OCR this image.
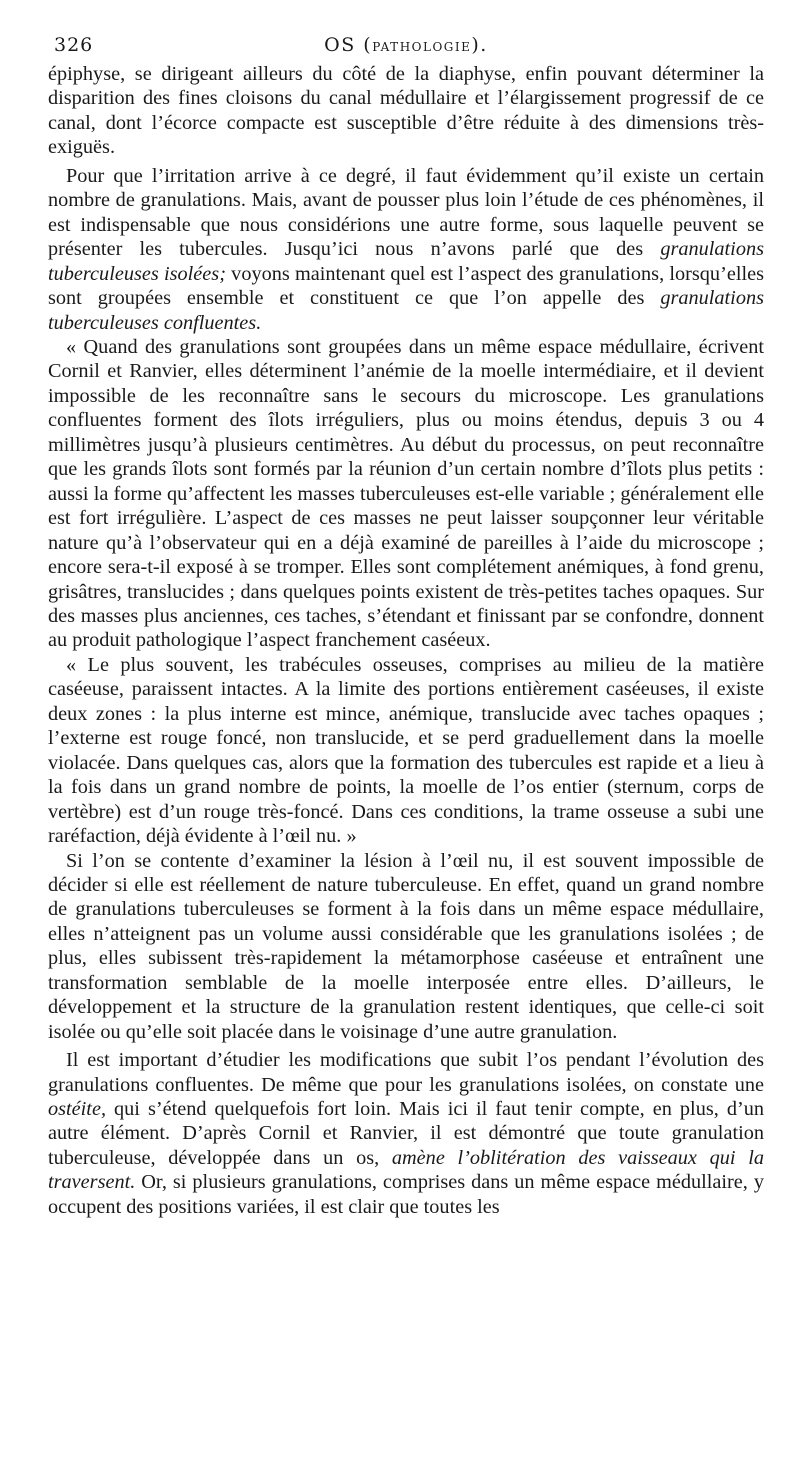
326	OS (PATHOLOGIE).

épiphyse, se dirigeant ailleurs du côté de la diaphyse, enfin pouvant déterminer la disparition des fines cloisons du canal médullaire et l’élargissement progressif de ce canal, dont l’écorce compacte est susceptible d’être réduite à des dimensions très-exiguës.

Pour que l’irritation arrive à ce degré, il faut évidemment qu’il existe un certain nombre de granulations. Mais, avant de pousser plus loin l’étude de ces phénomènes, il est indispensable que nous considérions une autre forme, sous laquelle peuvent se présenter les tubercules. Jusqu’ici nous n’avons parlé que des granulations tuberculeuses isolées; voyons maintenant quel est l’aspect des granulations, lorsqu’elles sont groupées ensemble et constituent ce que l’on appelle des granulations tuberculeuses confluentes.

« Quand des granulations sont groupées dans un même espace médullaire, écrivent Cornil et Ranvier, elles déterminent l’anémie de la moelle intermédiaire, et il devient impossible de les reconnaître sans le secours du microscope. Les granulations confluentes forment des îlots irréguliers, plus ou moins étendus, depuis 3 ou 4 millimètres jusqu’à plusieurs centimètres. Au début du processus, on peut reconnaître que les grands îlots sont formés par la réunion d’un certain nombre d’îlots plus petits : aussi la forme qu’affectent les masses tuberculeuses est-elle variable ; généralement elle est fort irrégulière. L’aspect de ces masses ne peut laisser soupçonner leur véritable nature qu’à l’observateur qui en a déjà examiné de pareilles à l’aide du microscope ; encore sera-t-il exposé à se tromper. Elles sont complétement anémiques, à fond grenu, grisâtres, translucides ; dans quelques points existent de très-petites taches opaques. Sur des masses plus anciennes, ces taches, s’étendant et finissant par se confondre, donnent au produit pathologique l’aspect franchement caséeux.

« Le plus souvent, les trabécules osseuses, comprises au milieu de la matière caséeuse, paraissent intactes. A la limite des portions entièrement caséeuses, il existe deux zones : la plus interne est mince, anémique, translucide avec taches opaques ; l’externe est rouge foncé, non translucide, et se perd graduellement dans la moelle violacée. Dans quelques cas, alors que la formation des tubercules est rapide et a lieu à la fois dans un grand nombre de points, la moelle de l’os entier (sternum, corps de vertèbre) est d’un rouge très-foncé. Dans ces conditions, la trame osseuse a subi une raréfaction, déjà évidente à l’œil nu. »

Si l’on se contente d’examiner la lésion à l’œil nu, il est souvent impossible de décider si elle est réellement de nature tuberculeuse. En effet, quand un grand nombre de granulations tuberculeuses se forment à la fois dans un même espace médullaire, elles n’atteignent pas un volume aussi considérable que les granulations isolées ; de plus, elles subissent très-rapidement la métamorphose caséeuse et entraînent une transformation semblable de la moelle interposée entre elles. D’ailleurs, le développement et la structure de la granulation restent identiques, que celle-ci soit isolée ou qu’elle soit placée dans le voisinage d’une autre granulation.

Il est important d’étudier les modifications que subit l’os pendant l’évolution des granulations confluentes. De même que pour les granulations isolées, on constate une ostéite, qui s’étend quelquefois fort loin. Mais ici il faut tenir compte, en plus, d’un autre élément. D’après Cornil et Ranvier, il est démontré que toute granulation tuberculeuse, développée dans un os, amène l’oblitération des vaisseaux qui la traversent. Or, si plusieurs granulations, comprises dans un même espace médullaire, y occupent des positions variées, il est clair que toutes les
